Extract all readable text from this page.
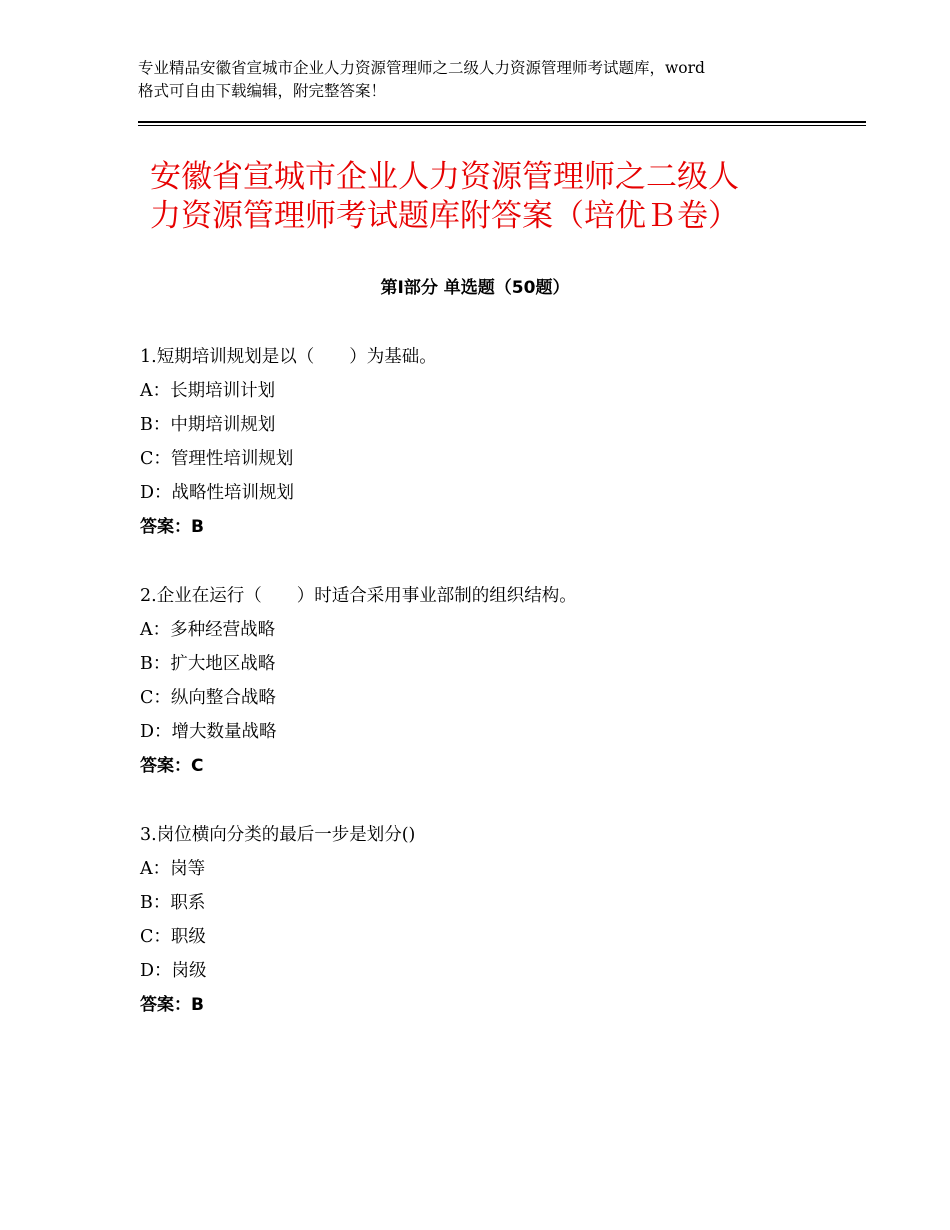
专业精品安徽省宣城市企业人力资源管理师之二级人力资源管理师考试题库，word
格式可自由下载编辑，附完整答案！
安徽省宣城市企业人力资源管理师之二级人
力资源管理师考试题库附答案（培优Ｂ卷）
第Ⅰ部分 单选题（50题）
1.短期培训规划是以（　　）为基础。
A：长期培训计划
B：中期培训规划
C：管理性培训规划
D：战略性培训规划
答案：B
2.企业在运行（　　）时适合采用事业部制的组织结构。
A：多种经营战略
B：扩大地区战略
C：纵向整合战略
D：增大数量战略
答案：C
3.岗位横向分类的最后一步是划分()
A：岗等
B：职系
C：职级
D：岗级
答案：B
